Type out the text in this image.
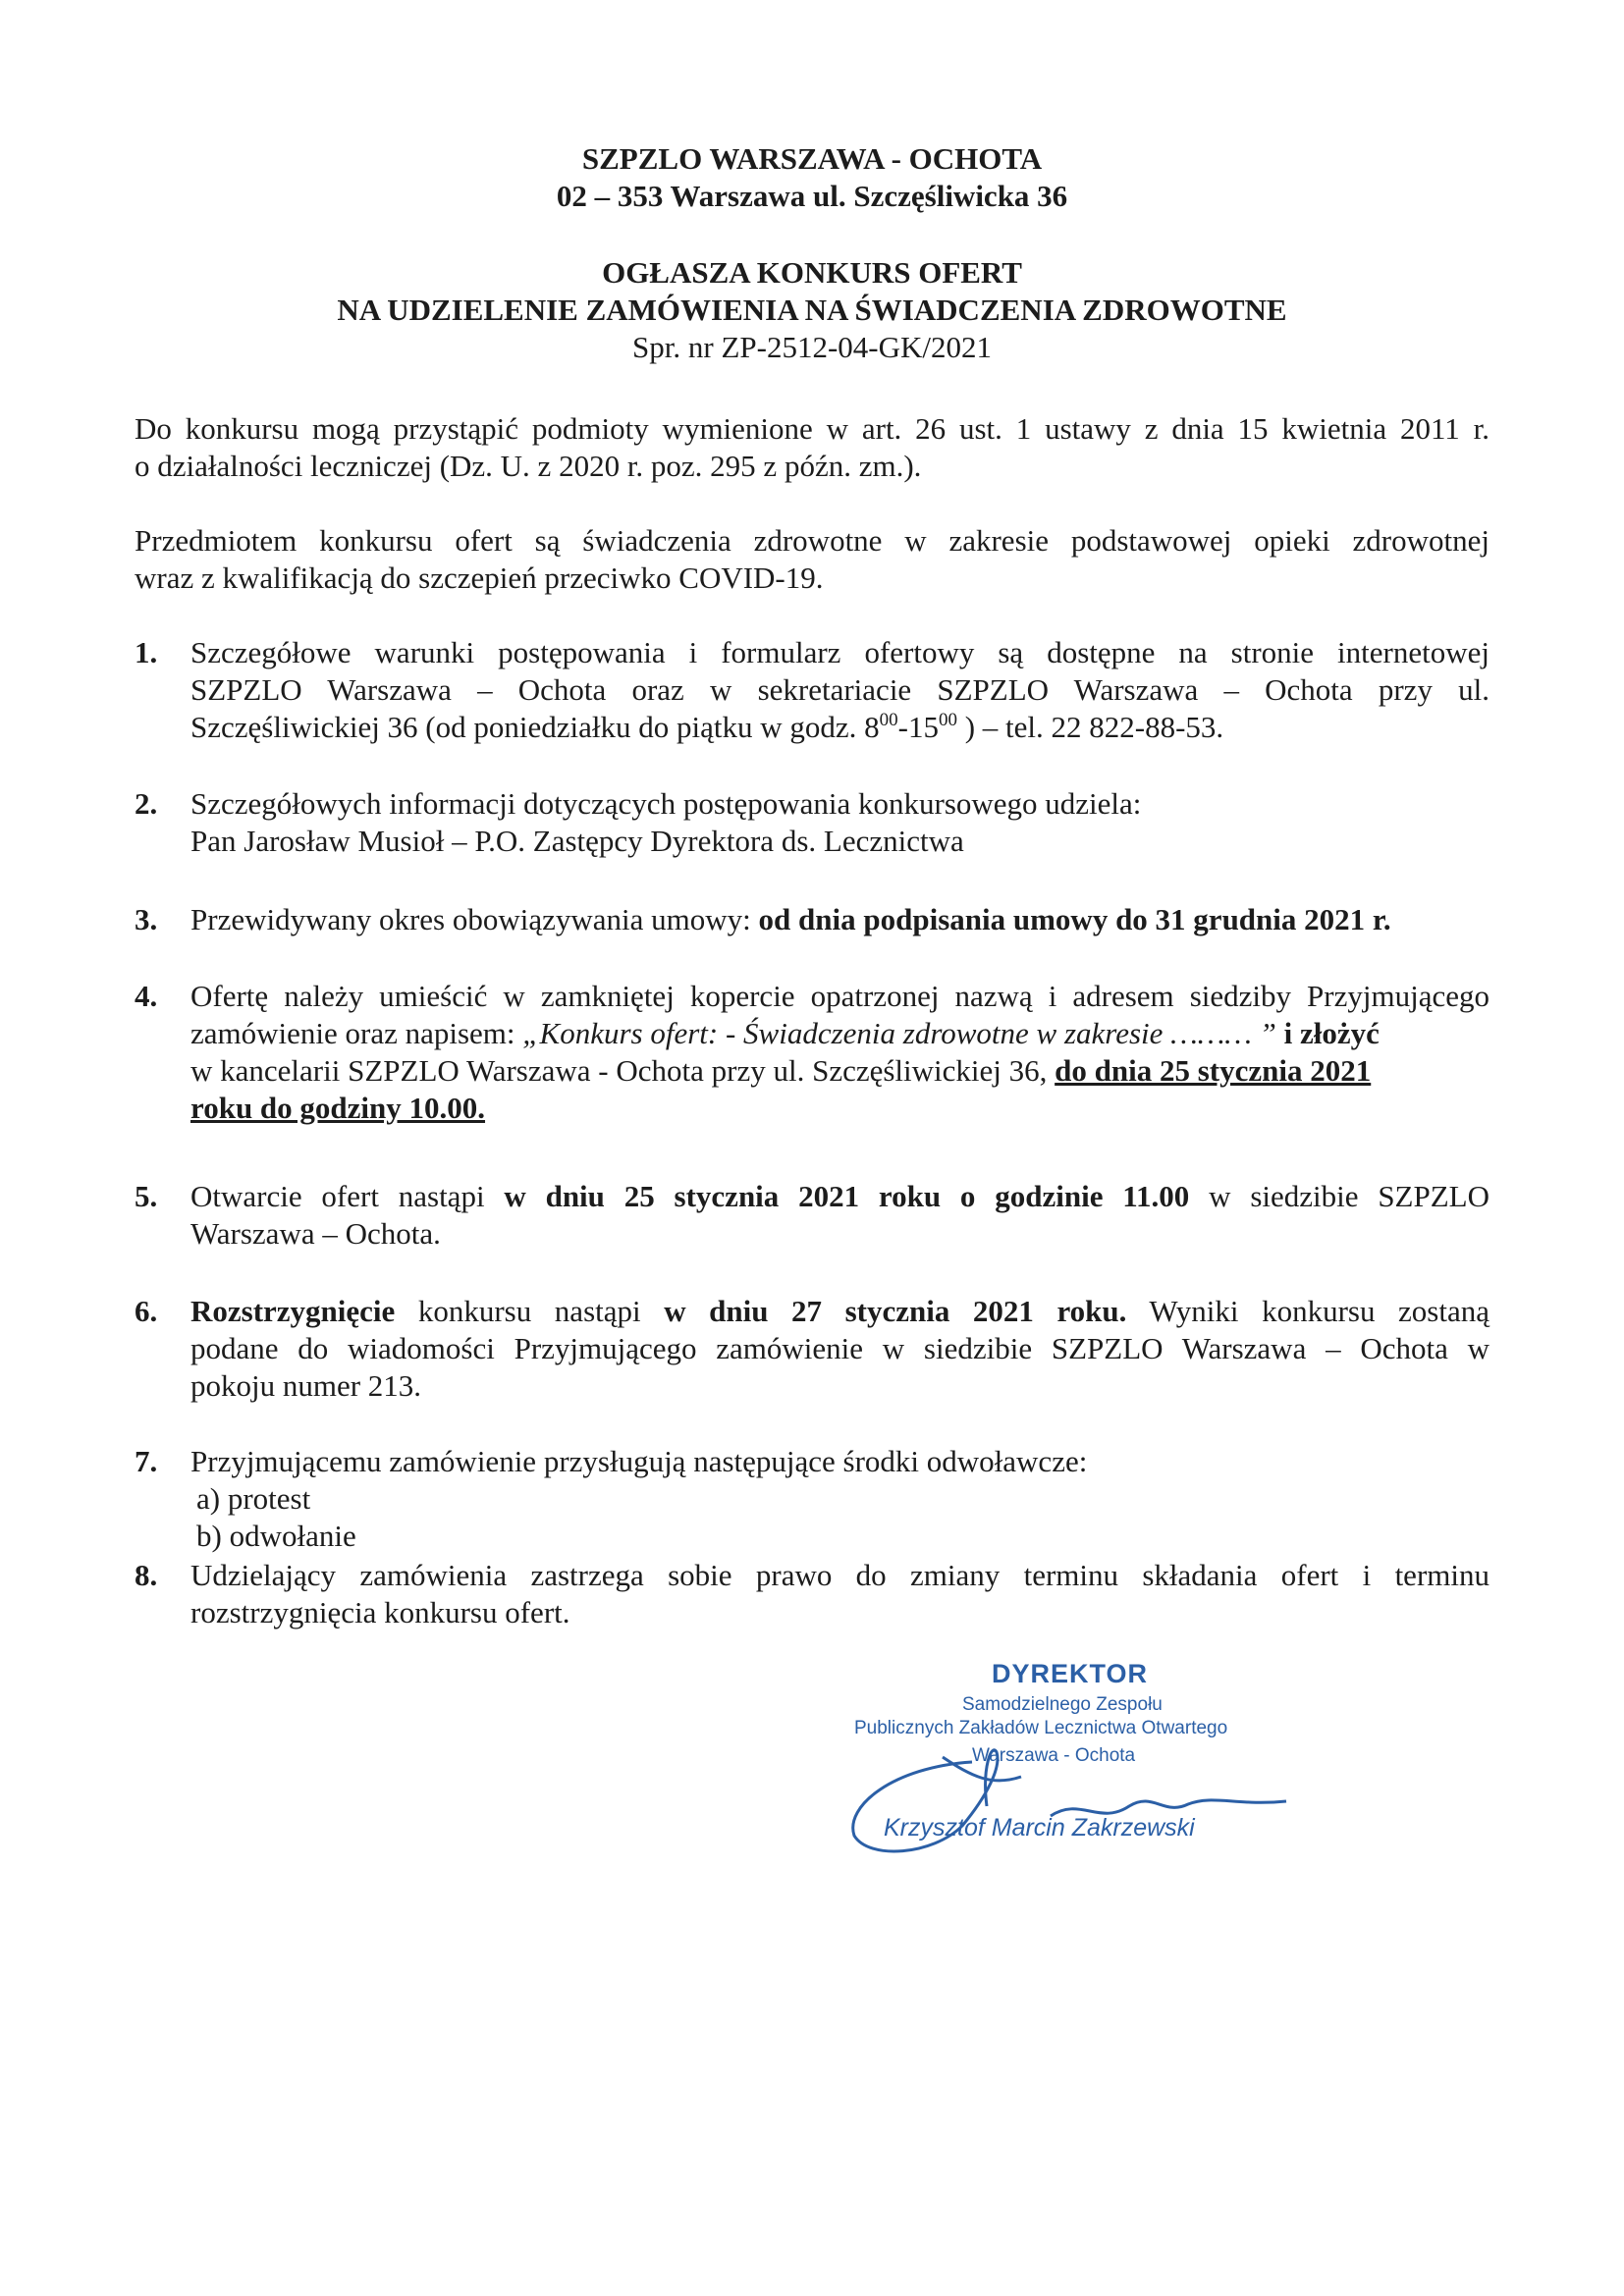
SZPZLO WARSZAWA - OCHOTA
02 – 353 Warszawa ul. Szczęśliwicka 36
OGŁASZA KONKURS OFERT
NA UDZIELENIE ZAMÓWIENIA NA ŚWIADCZENIA ZDROWOTNE
Spr. nr ZP-2512-04-GK/2021
Do konkursu mogą przystąpić podmioty wymienione w art. 26 ust. 1 ustawy z dnia 15 kwietnia 2011 r.
o działalności leczniczej (Dz. U. z 2020 r. poz. 295 z późn. zm.).
Przedmiotem konkursu ofert są świadczenia zdrowotne w zakresie podstawowej opieki zdrowotnej
wraz z kwalifikacją do szczepień przeciwko COVID-19.
1.	Szczegółowe warunki postępowania i formularz ofertowy są dostępne na stronie internetowej
SZPZLO Warszawa – Ochota oraz w sekretariacie SZPZLO Warszawa – Ochota przy ul.
Szczęśliwickiej 36 (od poniedziałku do piątku w godz. $8^{00}-15^{00}$ ) – tel. 22 822-88-53.
2.	Szczegółowych informacji dotyczących postępowania konkursowego udziela:
Pan Jarosław Musioł – P.O. Zastępcy Dyrektora ds. Lecznictwa
3.	Przewidywany okres obowiązywania umowy: od dnia podpisania umowy do 31 grudnia 2021 r.
4.	Ofertę należy umieścić w zamkniętej kopercie opatrzonej nazwą i adresem siedziby Przyjmującego
zamówienie oraz napisem: „Konkurs ofert: - Świadczenia zdrowotne w zakresie ……… ” i złożyć
w kancelarii SZPZLO Warszawa - Ochota przy ul. Szczęśliwickiej 36, do dnia 25 stycznia 2021
roku do godziny 10.00.
5.	Otwarcie ofert nastąpi w dniu 25 stycznia 2021 roku o godzinie 11.00 w siedzibie SZPZLO
Warszawa – Ochota.
6.	Rozstrzygnięcie konkursu nastąpi w dniu 27 stycznia 2021 roku. Wyniki konkursu zostaną
podane do wiadomości Przyjmującego zamówienie w siedzibie SZPZLO Warszawa – Ochota w
pokoju numer 213.
7.	Przyjmującemu zamówienie przysługują następujące środki odwoławcze:
a) protest
b) odwołanie
8.	Udzielający zamówienia zastrzega sobie prawo do zmiany terminu składania ofert i terminu
rozstrzygnięcia konkursu ofert.
DYREKTOR
Samodzielnego Zespołu
Publicznych Zakładów Lecznictwa Otwartego
Warszawa - Ochota
Krzysztof Marcin Zakrzewski
